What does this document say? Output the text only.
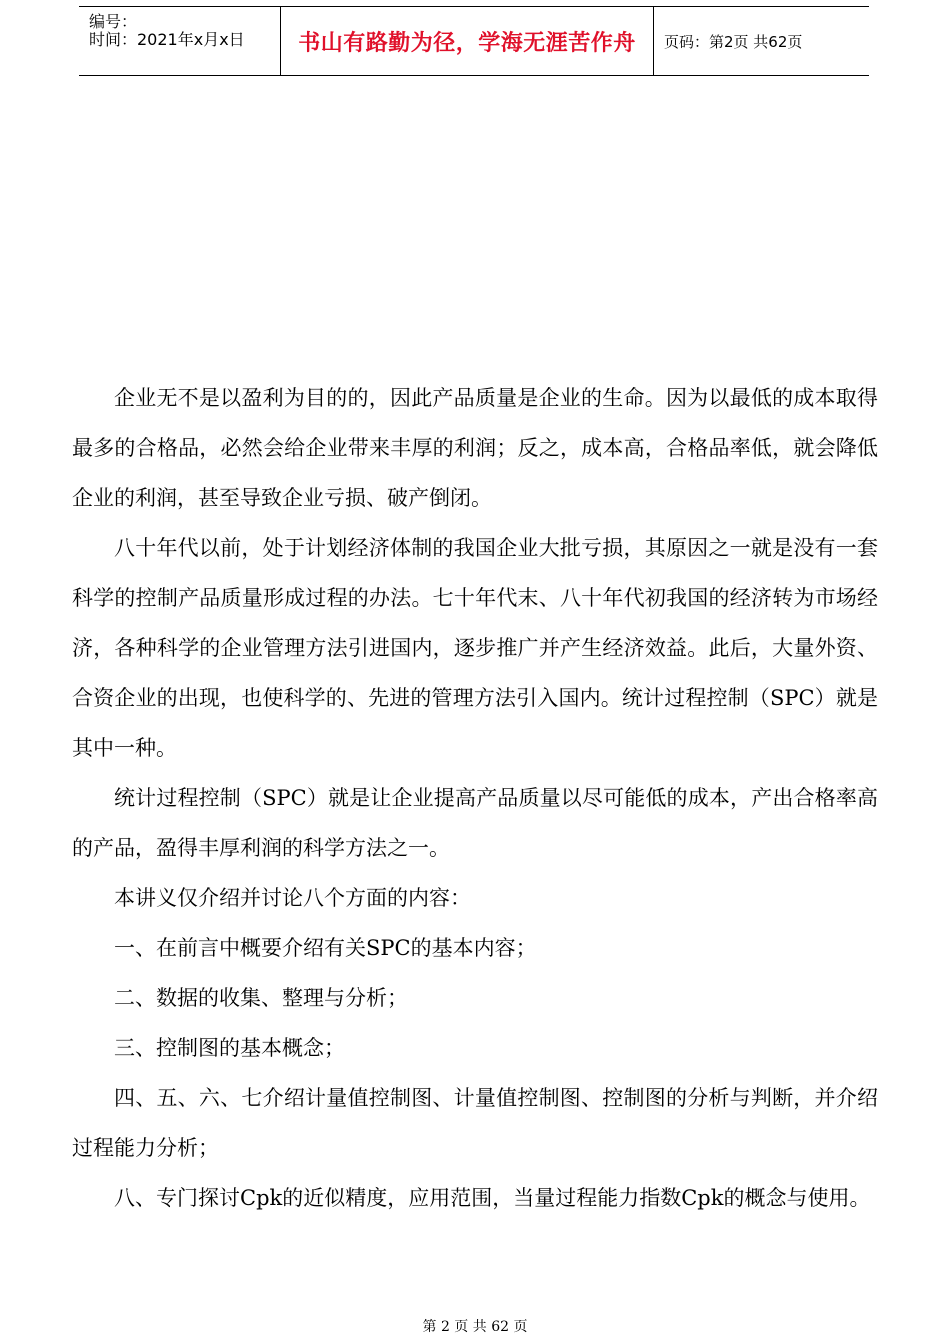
编号：
时间：2021年x月x日 书山有路勤为径，学海无涯苦作舟 页码：第2页 共62页

企业无不是以盈利为目的的，因此产品质量是企业的生命。因为以最低的成本取得最多的合格品，必然会给企业带来丰厚的利润；反之，成本高，合格品率低，就会降低企业的利润，甚至导致企业亏损、破产倒闭。

八十年代以前，处于计划经济体制的我国企业大批亏损，其原因之一就是没有一套科学的控制产品质量形成过程的办法。七十年代末、八十年代初我国的经济转为市场经济，各种科学的企业管理方法引进国内，逐步推广并产生经济效益。此后，大量外资、合资企业的出现，也使科学的、先进的管理方法引入国内。统计过程控制（SPC）就是其中一种。

统计过程控制（SPC）就是让企业提高产品质量以尽可能低的成本，产出合格率高的产品，盈得丰厚利润的科学方法之一。

本讲义仅介绍并讨论八个方面的内容：

一、在前言中概要介绍有关SPC的基本内容；

二、数据的收集、整理与分析；

三、控制图的基本概念；

四、五、六、七介绍计量值控制图、计量值控制图、控制图的分析与判断，并介绍过程能力分析；

八、专门探讨Cpk的近似精度，应用范围，当量过程能力指数Cpk的概念与使用。

第 2 页 共 62 页
